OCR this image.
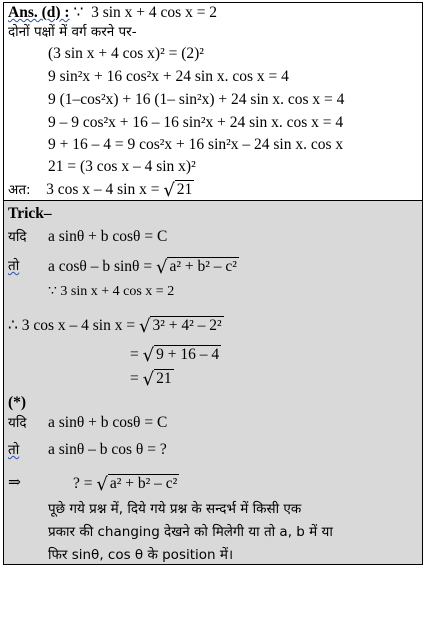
Ans. (d) : ∵ 3 sin x + 4 cos x = 2
दोनों पक्षों में वर्ग करने पर-
(3 sin x + 4 cos x)² = (2)²
9 sin²x + 16 cos²x + 24 sin x. cos x = 4
9 (1–cos²x) + 16 (1– sin²x) + 24 sin x. cos x = 4
9 – 9 cos²x + 16 – 16 sin²x + 24 sin x. cos x = 4
9 + 16 – 4 = 9 cos²x + 16 sin²x – 24 sin x. cos x
21 = (3 cos x – 4 sin x)²
अत: 3 cos x – 4 sin x = √ 21
Trick–
यदि a sinθ + b cosθ = C
तो a cosθ – b sinθ = √ a² + b² – c²
∵ 3 sin x + 4 cos x = 2
∴ 3 cos x – 4 sin x = √ 3² + 4² – 2²
= √ 9 + 16 – 4
= √ 21
(*)
यदि a sinθ + b cosθ = C
तो a sinθ – b cos θ = ?
⇒	? = √ a² + b² – c²
पूछे गये प्रश्न में, दिये गये प्रश्न के सन्दर्भ में किसी एक
प्रकार की changing देखने को मिलेगी या तो a, b में या
फिर sinθ, cos θ के position में।
